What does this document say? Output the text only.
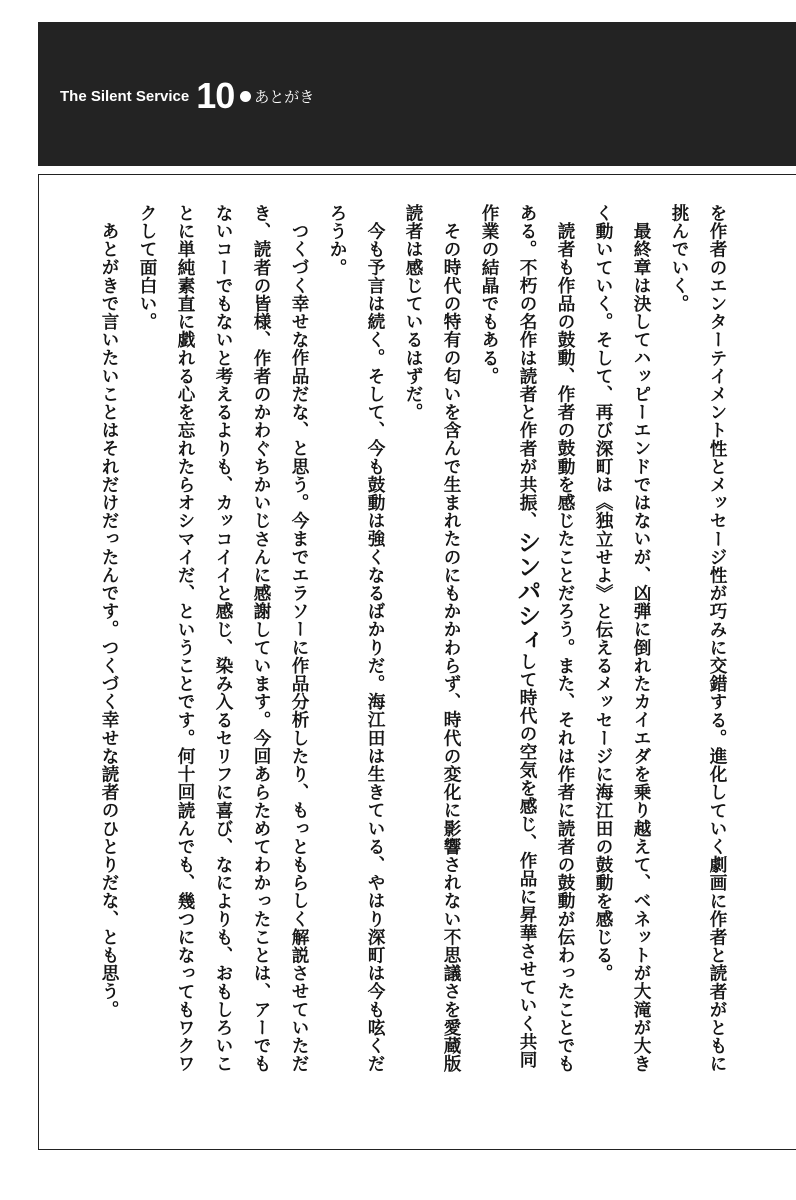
The Silent Service 10 あとがき

を作者のエンターテイメント性とメッセージ性が巧みに交錯する。進化していく劇画に作者と読者がともに挑んでいく。

最終章は決してハッピーエンドではないが、凶弾に倒れたカイエダを乗り越えて、ベネットが大滝が大きく動いていく。そして、再び深町は《独立せよ》と伝えるメッセージに海江田の鼓動を感じる。

読者も作品の鼓動、作者の鼓動を感じたことだろう。また、それは作者に読者の鼓動が伝わったことでもある。不朽の名作は読者と作者が共振、シンパシィして時代の空気を感じ、作品に昇華させていく共同作業の結晶でもある。

その時代の特有の匂いを含んで生まれたのにもかかわらず、時代の変化に影響されない不思議さを愛蔵版読者は感じているはずだ。

今も予言は続く。そして、今も鼓動は強くなるばかりだ。海江田は生きている、やはり深町は今も呟くだろうか。

つくづく幸せな作品だな、と思う。今までエラソーに作品分析したり、もっともらしく解説させていただき、読者の皆様、作者のかわぐちかいじさんに感謝しています。今回あらためてわかったことは、アーでもないコーでもないと考えるよりも、カッコイイと感じ、染み入るセリフに喜び、なによりも、おもしろいことに単純素直に戯れる心を忘れたらオシマイだ、ということです。何十回読んでも、幾つになってもワクワクして面白い。

あとがきで言いたいことはそれだけだったんです。つくづく幸せな読者のひとりだな、とも思う。
